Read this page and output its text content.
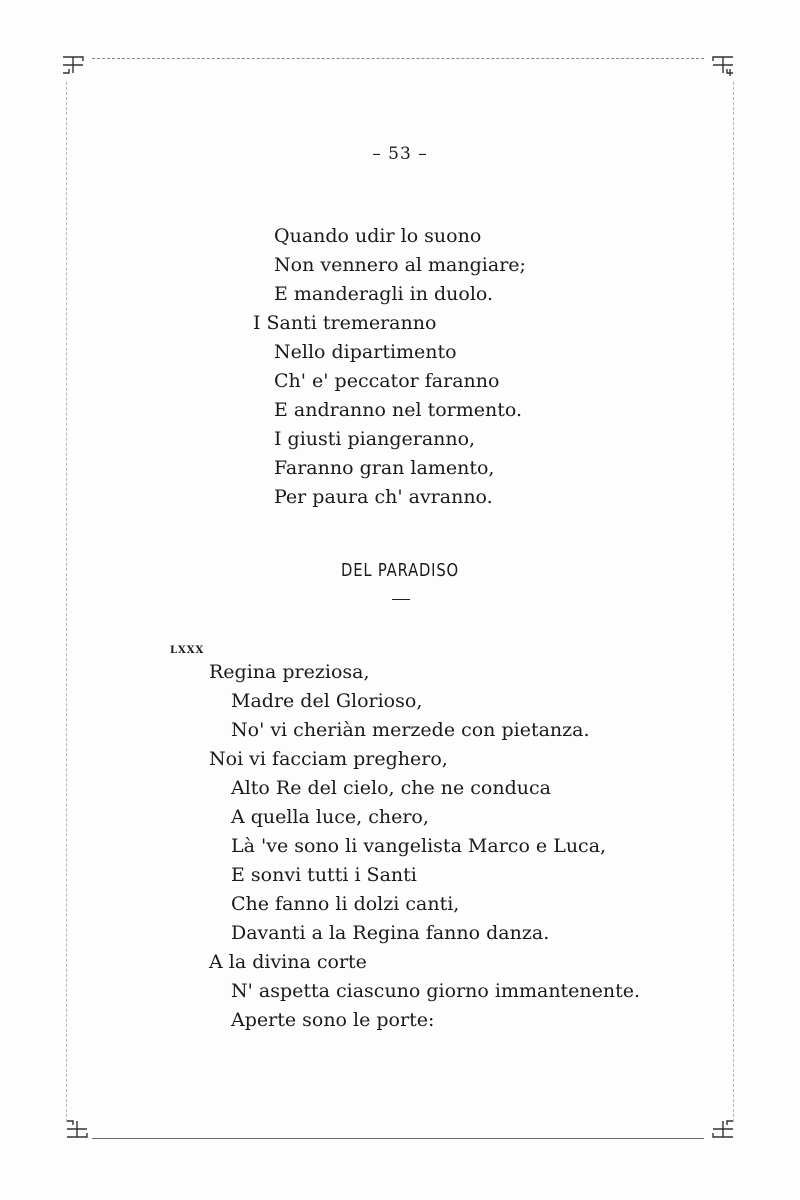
– 53 –
Quando udir lo suono
Non vennero al mangiare;
E manderagli in duolo.
I Santi tremeranno
Nello dipartimento
Ch' e' peccator faranno
E andranno nel tormento.
I giusti piangeranno,
Faranno gran lamento,
Per paura ch' avranno.
DEL PARADISO
LXXX
Regina preziosa,
Madre del Glorioso,
No' vi cheriàn merzede con pietanza.
Noi vi facciam preghero,
Alto Re del cielo, che ne conduca
A quella luce, chero,
Là 've sono li vangelista Marco e Luca,
E sonvi tutti i Santi
Che fanno li dolzi canti,
Davanti a la Regina fanno danza.
A la divina corte
N' aspetta ciascuno giorno immantenente.
Aperte sono le porte:
